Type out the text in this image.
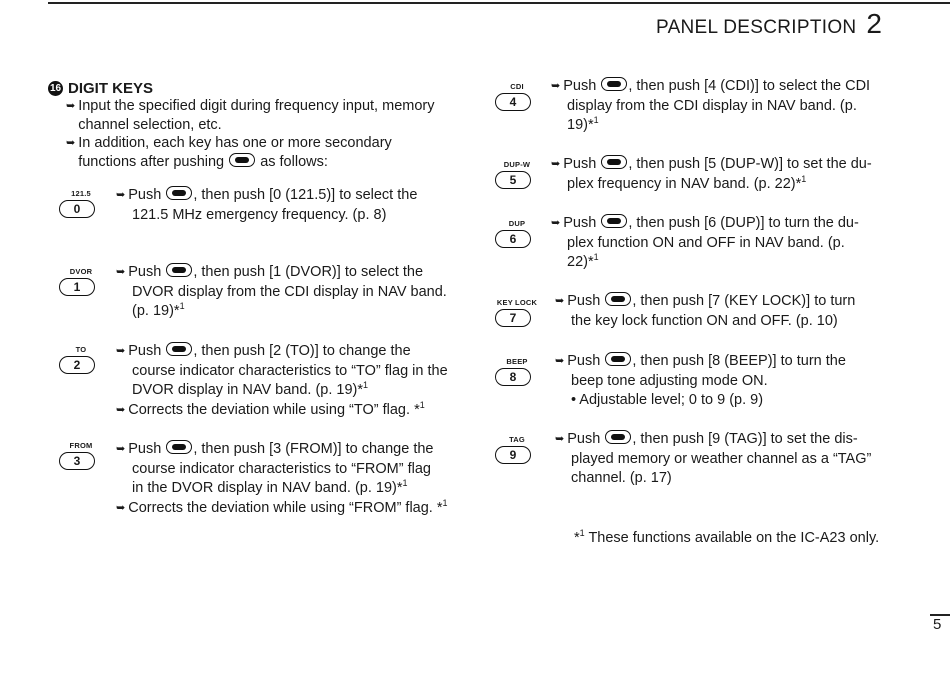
PANEL DESCRIPTION 2
16 DIGIT KEYS
➥ Input the specified digit during frequency input, memory channel selection, etc.
➥ In addition, each key has one or more secondary functions after pushing as follows:
121.5
0
➥ Push
, then push [0 (121.5)] to select the
121.5 MHz emergency frequency. (p. 8)
DVOR
1
➥ Push
, then push [1 (DVOR)] to select the
DVOR display from the CDI display in NAV band.
(p. 19)*$^1$
TO
2
➥ Push
, then push [2 (TO)] to change the
course indicator characteristics to “TO” flag in the
DVOR display in NAV band. (p. 19)*$^1$
➥ Corrects the deviation while using “TO” flag. *$^1$
FROM
3
➥ Push
, then push [3 (FROM)] to change the
course indicator characteristics to “FROM” flag
in the DVOR display in NAV band. (p. 19)*$^1$
➥ Corrects the deviation while using “FROM” flag. *$^1$
CDI
4
➥ Push
, then push [4 (CDI)] to select the CDI
display from the CDI display in NAV band. (p.
19)*$^1$
DUP-W
5
➥ Push
, then push [5 (DUP-W)] to set the du-
plex frequency in NAV band. (p. 22)*$^1$
DUP
6
➥ Push
, then push [6 (DUP)] to turn the du-
plex function ON and OFF in NAV band. (p.
22)*$^1$
KEY LOCK
7
➥ Push
, then push [7 (KEY LOCK)] to turn
the key lock function ON and OFF. (p. 10)
BEEP
8
➥ Push
, then push [8 (BEEP)] to turn the
beep tone adjusting mode ON.
• Adjustable level; 0 to 9 (p. 9)
TAG
9
➥ Push
, then push [9 (TAG)] to set the dis-
played memory or weather channel as a “TAG”
channel. (p. 17)
*$^1$ These functions available on the IC-A23 only.
5
